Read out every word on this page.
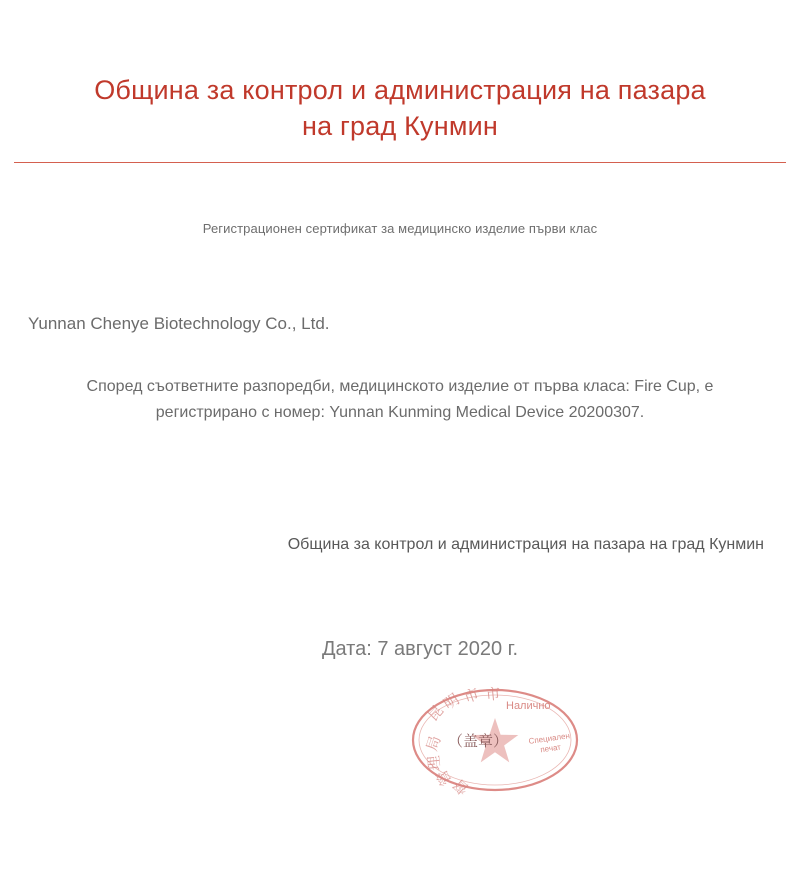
Община за контрол и администрация на пазара на град Кунмин
Регистрационен сертификат за медицинско изделие първи клас
Yunnan Chenye Biotechnology Co., Ltd.
Според съответните разпоредби, медицинското изделие от първа класа: Fire Cup, е регистрирано с номер: Yunnan Kunming Medical Device 20200307.
Община за контрол и администрация на пазара на град Кунмин
昆
明
市 市
局
理
管
督
Налично
Специален печат
（盖章）
Дата: 7 август 2020 г.
